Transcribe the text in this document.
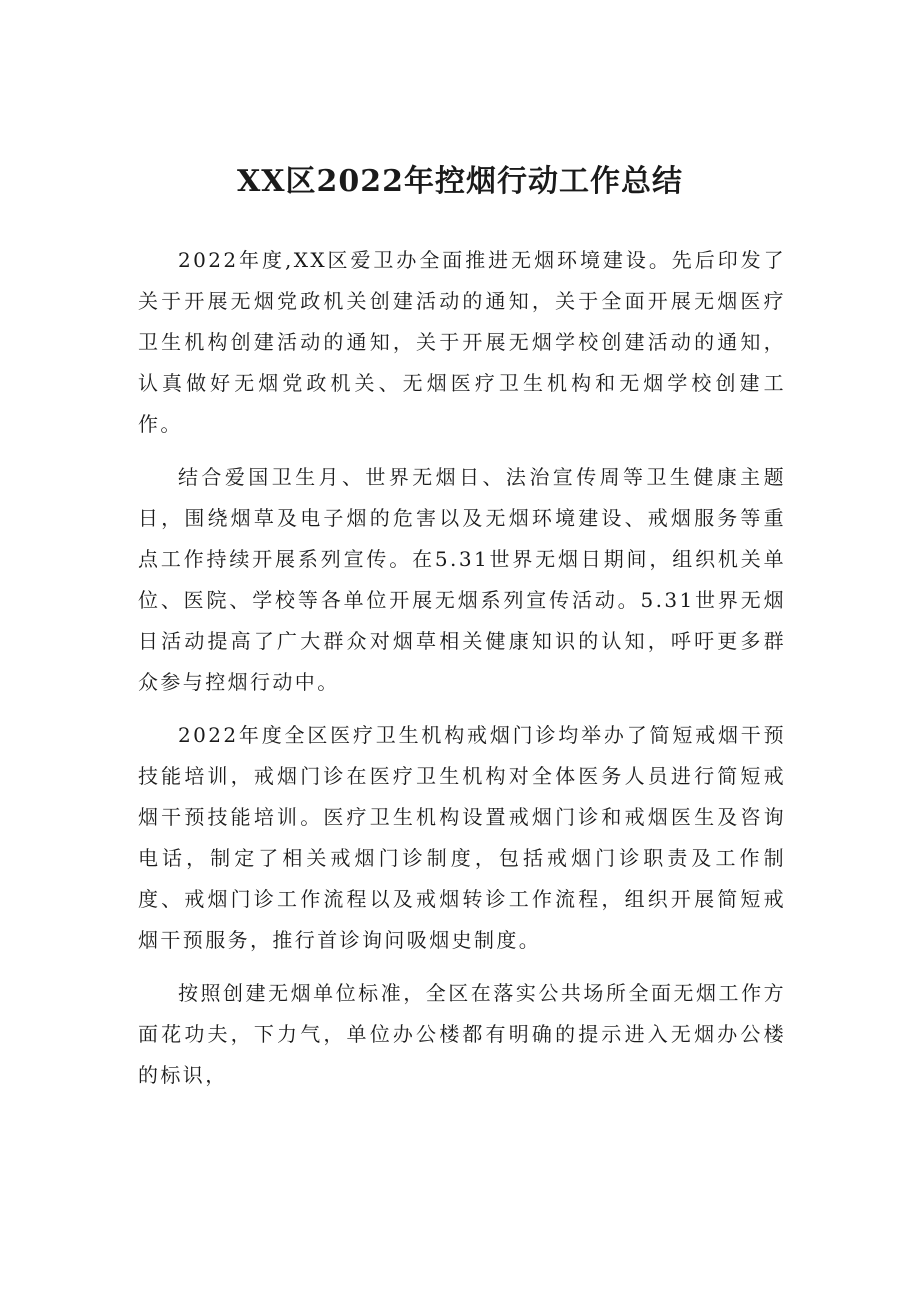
XX区2022年控烟行动工作总结

2022年度,XX区爱卫办全面推进无烟环境建设。先后印发了关于开展无烟党政机关创建活动的通知，关于全面开展无烟医疗卫生机构创建活动的通知，关于开展无烟学校创建活动的通知，认真做好无烟党政机关、无烟医疗卫生机构和无烟学校创建工作。

结合爱国卫生月、世界无烟日、法治宣传周等卫生健康主题日，围绕烟草及电子烟的危害以及无烟环境建设、戒烟服务等重点工作持续开展系列宣传。在5.31世界无烟日期间，组织机关单位、医院、学校等各单位开展无烟系列宣传活动。5.31世界无烟日活动提高了广大群众对烟草相关健康知识的认知，呼吁更多群众参与控烟行动中。

2022年度全区医疗卫生机构戒烟门诊均举办了简短戒烟干预技能培训，戒烟门诊在医疗卫生机构对全体医务人员进行简短戒烟干预技能培训。医疗卫生机构设置戒烟门诊和戒烟医生及咨询电话，制定了相关戒烟门诊制度，包括戒烟门诊职责及工作制度、戒烟门诊工作流程以及戒烟转诊工作流程，组织开展简短戒烟干预服务，推行首诊询问吸烟史制度。

按照创建无烟单位标准，全区在落实公共场所全面无烟工作方面花功夫，下力气，单位办公楼都有明确的提示进入无烟办公楼的标识，
